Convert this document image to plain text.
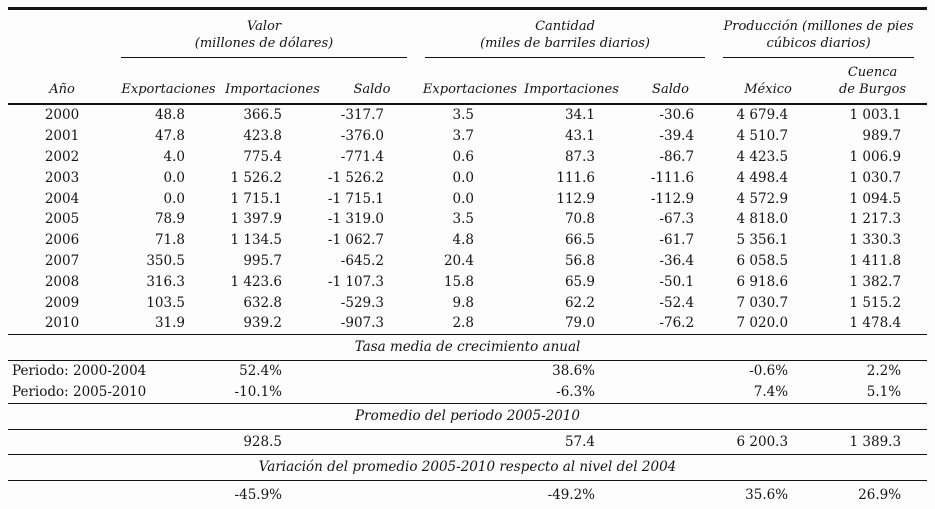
Valor
(millones de dólares)

Cantidad
(miles de barriles diarios)

Producción (millones de pies
cúbicos diarios)

Año	Exportaciones	Importaciones	Saldo	Exportaciones	Importaciones	Saldo	México	Cuenca
de Burgos

2000	48.8	366.5	-317.7	3.5	34.1	-30.6	4 679.4	1 003.1
2001	47.8	423.8	-376.0	3.7	43.1	-39.4	4 510.7	989.7
2002	4.0	775.4	-771.4	0.6	87.3	-86.7	4 423.5	1 006.9
2003	0.0	1 526.2	-1 526.2	0.0	111.6	-111.6	4 498.4	1 030.7
2004	0.0	1 715.1	-1 715.1	0.0	112.9	-112.9	4 572.9	1 094.5
2005	78.9	1 397.9	-1 319.0	3.5	70.8	-67.3	4 818.0	1 217.3
2006	71.8	1 134.5	-1 062.7	4.8	66.5	-61.7	5 356.1	1 330.3
2007	350.5	995.7	-645.2	20.4	56.8	-36.4	6 058.5	1 411.8
2008	316.3	1 423.6	-1 107.3	15.8	65.9	-50.1	6 918.6	1 382.7
2009	103.5	632.8	-529.3	9.8	62.2	-52.4	7 030.7	1 515.2
2010	31.9	939.2	-907.3	2.8	79.0	-76.2	7 020.0	1 478.4
Tasa media de crecimiento anual								
Periodo: 2000-2004		52.4%			38.6%		-0.6%	2.2%
Periodo: 2005-2010		-10.1%			-6.3%		7.4%	5.1%
Promedio del periodo 2005-2010								
		928.5			57.4		6 200.3	1 389.3
Variación del promedio 2005-2010 respecto al nivel del 2004								
		-45.9%			-49.2%		35.6%	26.9%
